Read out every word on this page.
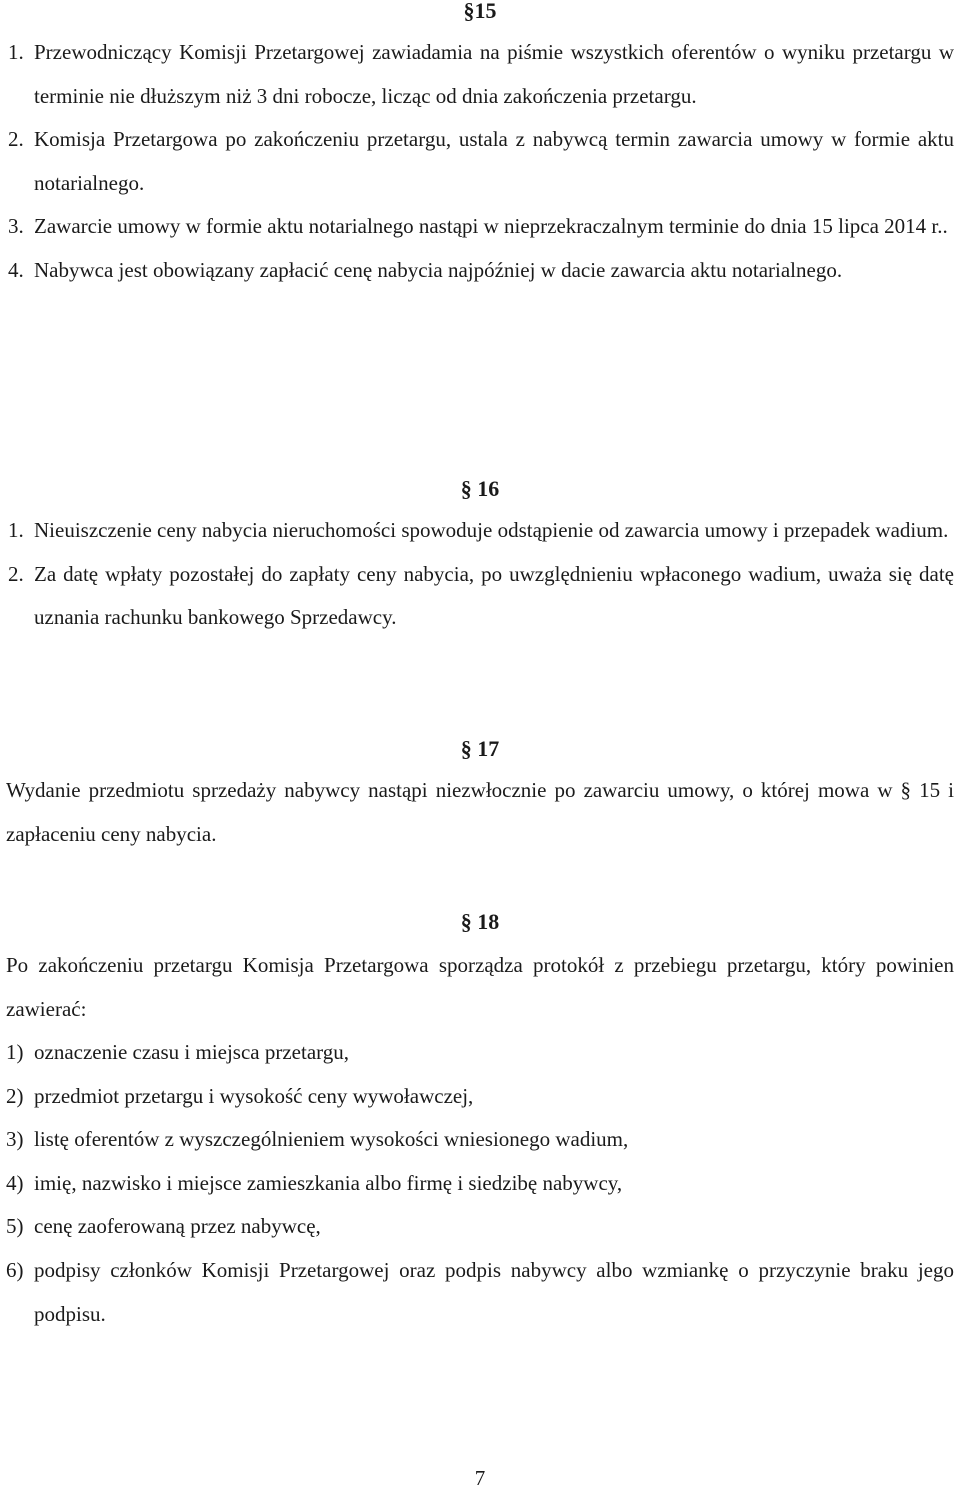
§15
1. Przewodniczący Komisji Przetargowej zawiadamia na piśmie wszystkich oferentów o wyniku przetargu w terminie nie dłuższym niż 3 dni robocze, licząc od dnia zakończenia przetargu.
2. Komisja Przetargowa po zakończeniu przetargu, ustala z nabywcą termin zawarcia umowy w formie aktu notarialnego.
3. Zawarcie umowy w formie aktu notarialnego nastąpi w nieprzekraczalnym terminie do dnia 15 lipca 2014 r..
4. Nabywca jest obowiązany zapłacić cenę nabycia najpóźniej w dacie zawarcia aktu notarialnego.
§ 16
1. Nieuiszczenie ceny nabycia nieruchomości spowoduje odstąpienie od zawarcia umowy i przepadek wadium.
2. Za datę wpłaty pozostałej do zapłaty ceny nabycia, po uwzględnieniu wpłaconego wadium, uważa się datę uznania rachunku bankowego Sprzedawcy.
§ 17

Wydanie przedmiotu sprzedaży nabywcy nastąpi niezwłocznie po zawarciu umowy, o której mowa w § 15 i zapłaceniu ceny nabycia.

§ 18

Po zakończeniu przetargu Komisja Przetargowa sporządza protokół z przebiegu przetargu, który powinien zawierać:

1) oznaczenie czasu i miejsca przetargu,
2) przedmiot przetargu i wysokość ceny wywoławczej,
3) listę oferentów z wyszczególnieniem wysokości wniesionego wadium,
4) imię, nazwisko i miejsce zamieszkania albo firmę i siedzibę nabywcy,
5) cenę zaoferowaną przez nabywcę,
6) podpisy członków Komisji Przetargowej oraz podpis nabywcy albo wzmiankę o przyczynie braku jego podpisu.
7
